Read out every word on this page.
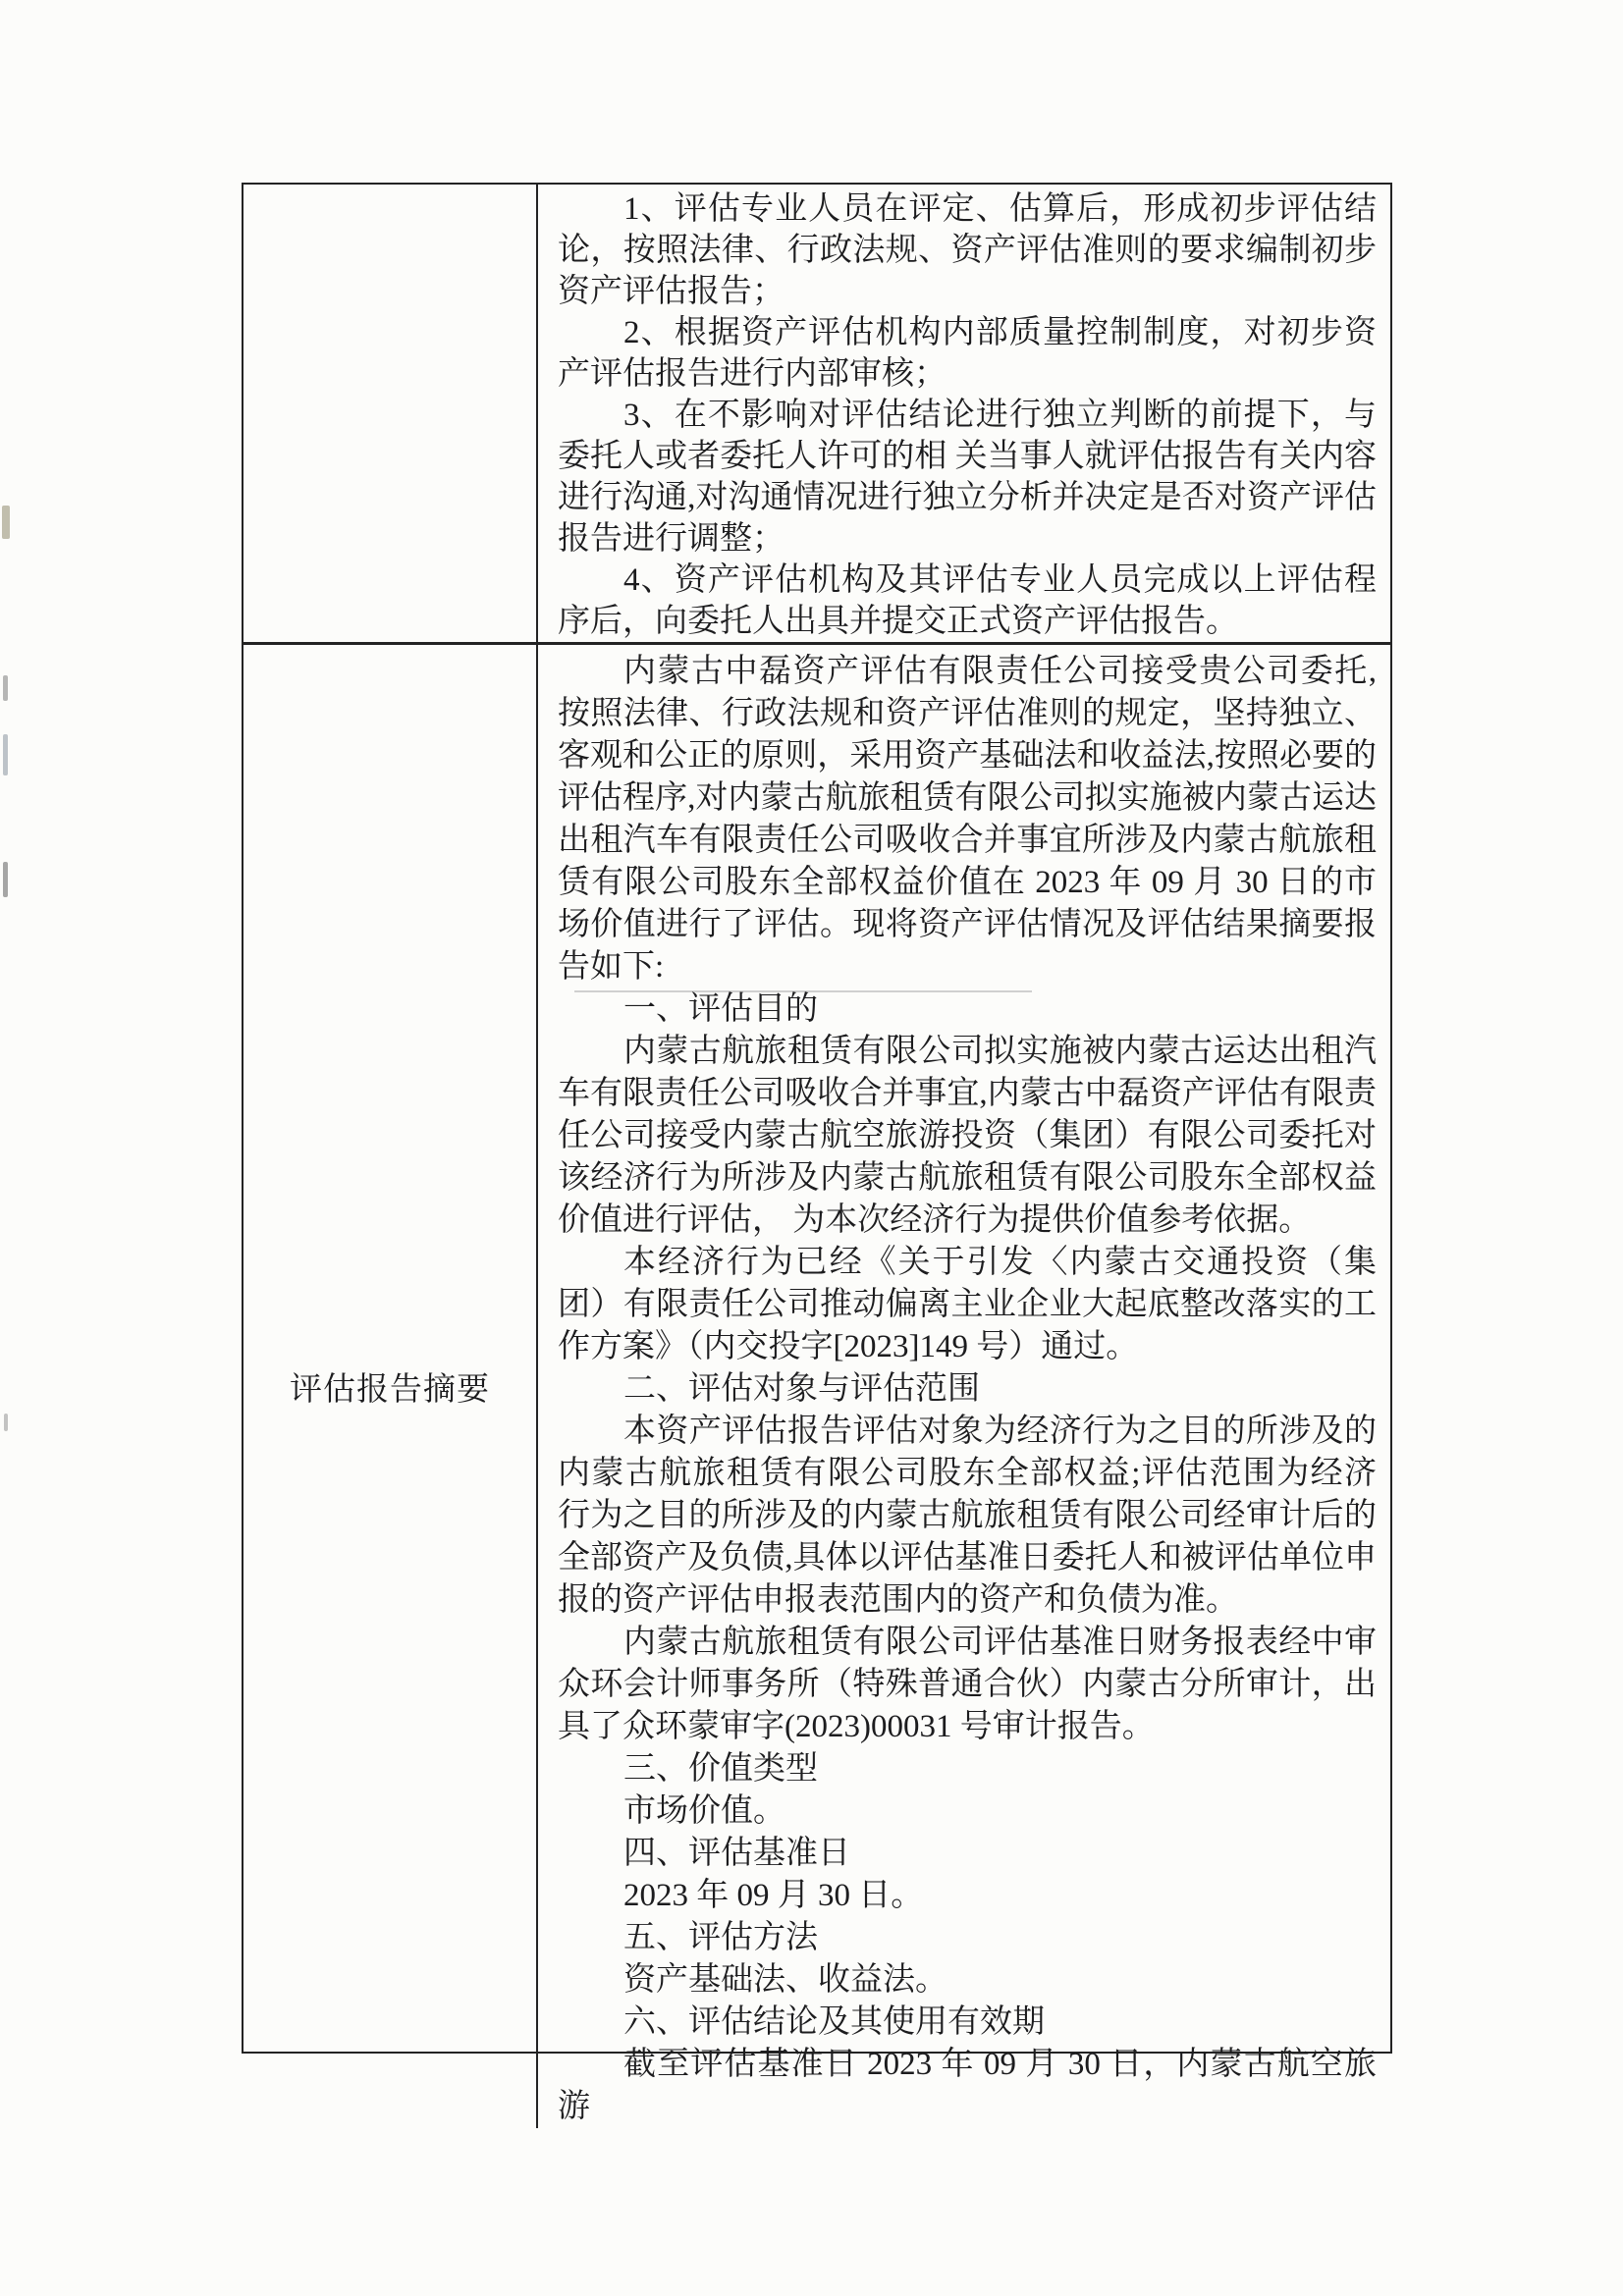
1、评估专业人员在评定、估算后，形成初步评估结论，按照法律、行政法规、资产评估准则的要求编制初步资产评估报告；

2、根据资产评估机构内部质量控制制度，对初步资产评估报告进行内部审核；

3、在不影响对评估结论进行独立判断的前提下，与委托人或者委托人许可的相 关当事人就评估报告有关内容进行沟通,对沟通情况进行独立分析并决定是否对资产评估报告进行调整；

4、资产评估机构及其评估专业人员完成以上评估程序后，向委托人出具并提交正式资产评估报告。

评估报告摘要

内蒙古中磊资产评估有限责任公司接受贵公司委托,按照法律、行政法规和资产评估准则的规定，坚持独立、客观和公正的原则，采用资产基础法和收益法,按照必要的评估程序,对内蒙古航旅租赁有限公司拟实施被内蒙古运达出租汽车有限责任公司吸收合并事宜所涉及内蒙古航旅租赁有限公司股东全部权益价值在 2023 年 09 月 30 日的市场价值进行了评估。现将资产评估情况及评估结果摘要报告如下:

一、评估目的

内蒙古航旅租赁有限公司拟实施被内蒙古运达出租汽车有限责任公司吸收合并事宜,内蒙古中磊资产评估有限责任公司接受内蒙古航空旅游投资（集团）有限公司委托对该经济行为所涉及内蒙古航旅租赁有限公司股东全部权益价值进行评估， 为本次经济行为提供价值参考依据。

本经济行为已经《关于引发〈内蒙古交通投资（集团）有限责任公司推动偏离主业企业大起底整改落实的工作方案》（内交投字[2023]149 号）通过。

二、评估对象与评估范围

本资产评估报告评估对象为经济行为之目的所涉及的内蒙古航旅租赁有限公司股东全部权益;评估范围为经济行为之目的所涉及的内蒙古航旅租赁有限公司经审计后的全部资产及负债,具体以评估基准日委托人和被评估单位申报的资产评估申报表范围内的资产和负债为准。

内蒙古航旅租赁有限公司评估基准日财务报表经中审众环会计师事务所（特殊普通合伙）内蒙古分所审计，出具了众环蒙审字(2023)00031 号审计报告。

三、价值类型

市场价值。

四、评估基准日

2023 年 09 月 30 日。

五、评估方法

资产基础法、收益法。

六、评估结论及其使用有效期

截至评估基准日 2023 年 09 月 30 日，内蒙古航空旅游
